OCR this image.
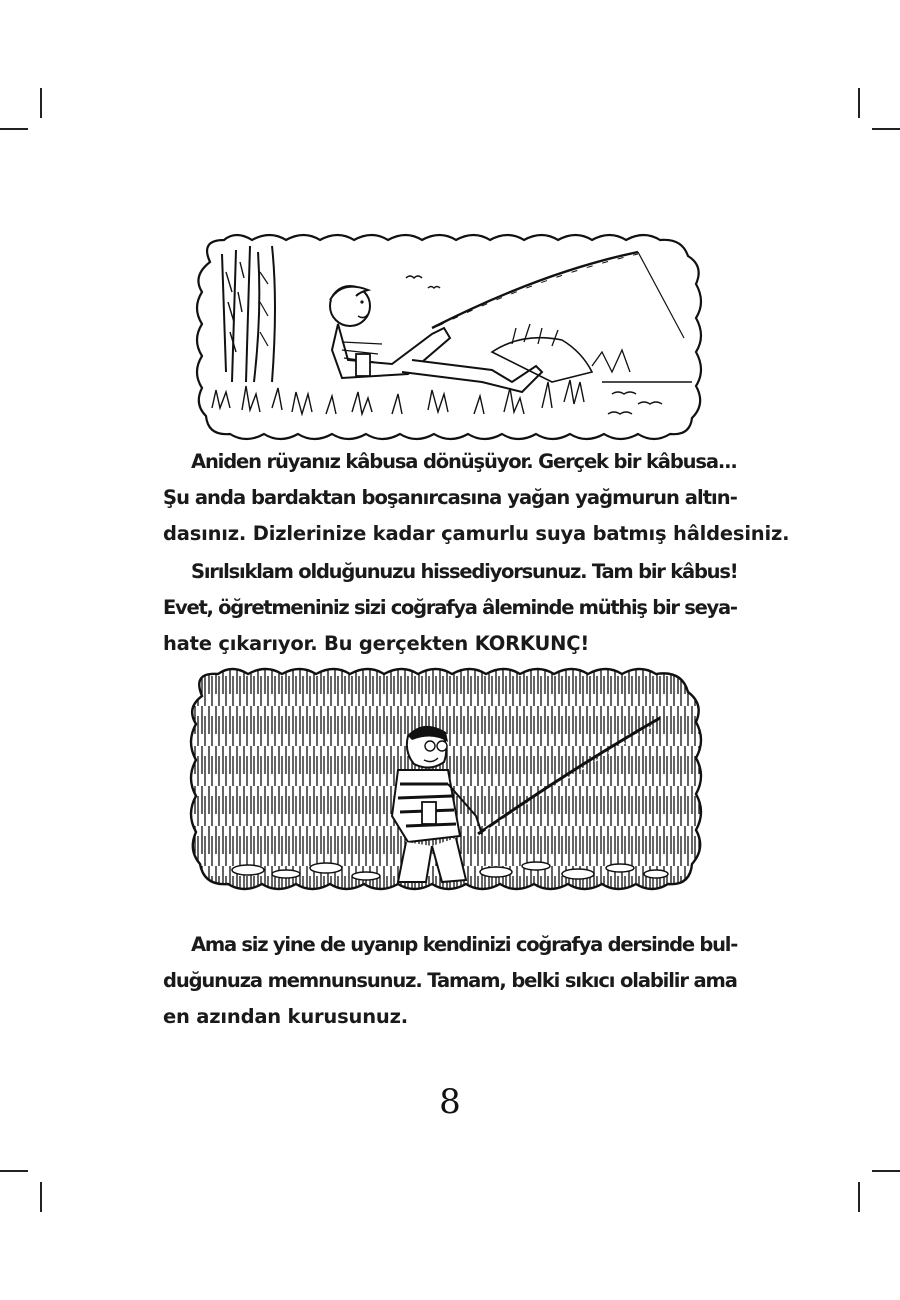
Aniden rüyanız kâbusa dönüşüyor. Gerçek bir kâbusa...
Şu anda bardaktan boşanırcasına yağan yağmurun altın-
dasınız. Dizlerinize kadar çamurlu suya batmış hâldesiniz.

Sırılsıklam olduğunuzu hissediyorsunuz. Tam bir kâbus!
Evet, öğretmeniniz sizi coğrafya âleminde müthiş bir seya-
hate çıkarıyor. Bu gerçekten KORKUNÇ!

Ama siz yine de uyanıp kendinizi coğrafya dersinde bul-
duğunuza memnunsunuz. Tamam, belki sıkıcı olabilir ama
en azından kurusunuz.

8
